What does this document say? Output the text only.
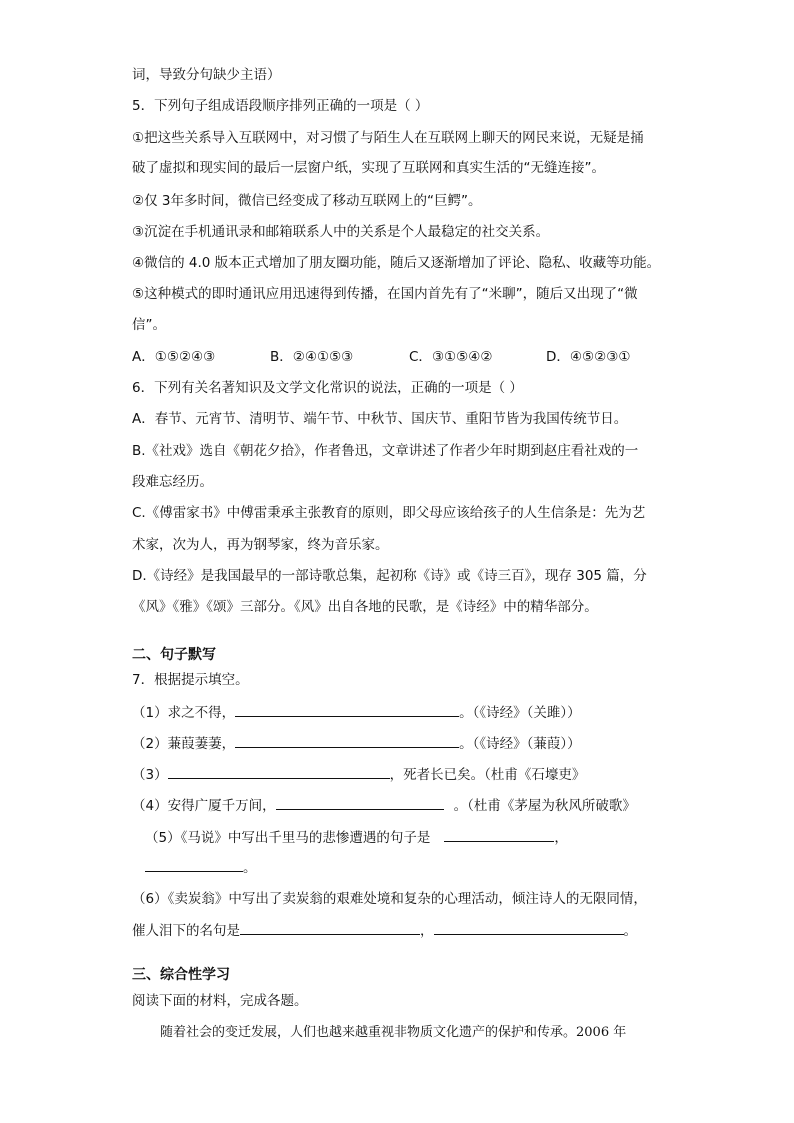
词，导致分句缺少主语）
5．下列句子组成语段顺序排列正确的一项是（ ）
①把这些关系导入互联网中，对习惯了与陌生人在互联网上聊天的网民来说，无疑是捅
破了虚拟和现实间的最后一层窗户纸，实现了互联网和真实生活的“无缝连接”。
②仅 3年多时间，微信已经变成了移动互联网上的“巨鳄”。
③沉淀在手机通讯录和邮箱联系人中的关系是个人最稳定的社交关系。
④微信的 4.0 版本正式增加了朋友圈功能，随后又逐渐增加了评论、隐私、收藏等功能。
⑤这种模式的即时通讯应用迅速得到传播，在国内首先有了“米聊”，随后又出现了“微
信”。
A．①⑤②④③	B．②④①⑤③	C．③①⑤④②	D．④⑤②③①
6．下列有关名著知识及文学文化常识的说法，正确的一项是（ ）
A．春节、元宵节、清明节、端午节、中秋节、国庆节、重阳节皆为我国传统节日。
B.《社戏》选自《朝花夕拾》，作者鲁迅，文章讲述了作者少年时期到赵庄看社戏的一
段难忘经历。
C.《傅雷家书》中傅雷秉承主张教育的原则，即父母应该给孩子的人生信条是：先为艺
术家，次为人，再为钢琴家，终为音乐家。
D.《诗经》是我国最早的一部诗歌总集，起初称《诗》或《诗三百》，现存 305 篇，分
《风》《雅》《颂》三部分。《风》出自各地的民歌，是《诗经》中的精华部分。
二、句子默写
7．根据提示填空。
（1）求之不得，	。（《诗经》（关雎））
（2）蒹葭萋萋，	。（《诗经》（蒹葭））
（3）	，死者长已矣。（杜甫《石壕吏》
（4）安得广厦千万间，	。（杜甫《茅屋为秋风所破歌》
（5）《马说》中写出千里马的悲惨遭遇的句子是	，
。
（6）《卖炭翁》中写出了卖炭翁的艰难处境和复杂的心理活动，倾注诗人的无限同情，
催人泪下的名句是	，	。
三、综合性学习
阅读下面的材料，完成各题。
随着社会的变迁发展，人们也越来越重视非物质文化遗产的保护和传承。2006 年
